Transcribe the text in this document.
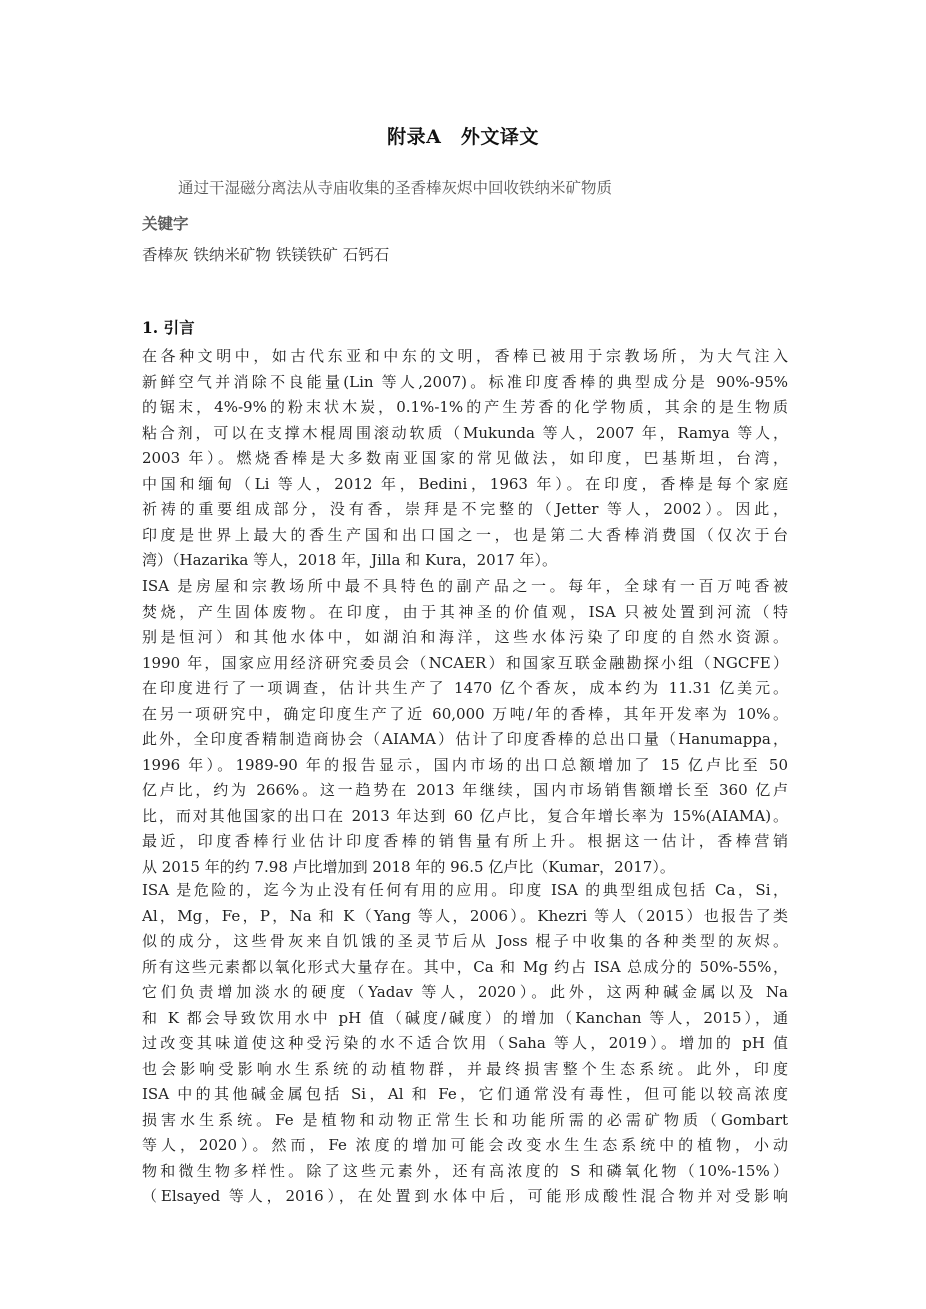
附录A　外文译文
通过干湿磁分离法从寺庙收集的圣香棒灰烬中回收铁纳米矿物质
关键字
香棒灰 铁纳米矿物 铁镁铁矿 石钙石
1. 引言
在各种文明中，如古代东亚和中东的文明，香棒已被用于宗教场所，为大气注入
新鲜空气并消除不良能量(Lin 等人,2007)。标准印度香棒的典型成分是 90%-95%
的锯末，4%-9%的粉末状木炭，0.1%-1%的产生芳香的化学物质，其余的是生物质
粘合剂，可以在支撑木棍周围滚动软质（Mukunda 等人，2007 年，Ramya 等人，
2003 年）。燃烧香棒是大多数南亚国家的常见做法，如印度，巴基斯坦，台湾，
中国和缅甸（Li 等人，2012 年，Bedini，1963 年）。在印度，香棒是每个家庭
祈祷的重要组成部分，没有香，崇拜是不完整的（Jetter 等人，2002）。因此，
印度是世界上最大的香生产国和出口国之一，也是第二大香棒消费国（仅次于台
湾）（Hazarika 等人，2018 年，Jilla 和 Kura，2017 年）。
ISA 是房屋和宗教场所中最不具特色的副产品之一。每年，全球有一百万吨香被
焚烧，产生固体废物。在印度，由于其神圣的价值观，ISA 只被处置到河流（特
别是恒河）和其他水体中，如湖泊和海洋，这些水体污染了印度的自然水资源。
1990 年，国家应用经济研究委员会（NCAER）和国家互联金融勘探小组（NGCFE）
在印度进行了一项调查，估计共生产了 1470 亿个香灰，成本约为 11.31 亿美元。
在另一项研究中，确定印度生产了近 60,000 万吨/年的香棒，其年开发率为 10%。
此外，全印度香精制造商协会（AIAMA）估计了印度香棒的总出口量（Hanumappa，
1996 年）。1989-90 年的报告显示，国内市场的出口总额增加了 15 亿卢比至 50
亿卢比，约为 266%。这一趋势在 2013 年继续，国内市场销售额增长至 360 亿卢
比，而对其他国家的出口在 2013 年达到 60 亿卢比，复合年增长率为 15%(AIAMA)。
最近，印度香棒行业估计印度香棒的销售量有所上升。根据这一估计，香棒营销
从 2015 年的约 7.98 卢比增加到 2018 年的 96.5 亿卢比（Kumar，2017）。
ISA 是危险的，迄今为止没有任何有用的应用。印度 ISA 的典型组成包括 Ca，Si，
Al，Mg，Fe，P，Na 和 K（Yang 等人，2006）。Khezri 等人（2015）也报告了类
似的成分，这些骨灰来自饥饿的圣灵节后从 Joss 棍子中收集的各种类型的灰烬。
所有这些元素都以氧化形式大量存在。其中，Ca 和 Mg 约占 ISA 总成分的 50%-55%，
它们负责增加淡水的硬度（Yadav 等人，2020）。此外，这两种碱金属以及 Na
和 K 都会导致饮用水中 pH 值（碱度/碱度）的增加（Kanchan 等人，2015），通
过改变其味道使这种受污染的水不适合饮用（Saha 等人，2019）。增加的 pH 值
也会影响受影响水生系统的动植物群，并最终损害整个生态系统。此外，印度
ISA 中的其他碱金属包括 Si，Al 和 Fe，它们通常没有毒性，但可能以较高浓度
损害水生系统。Fe 是植物和动物正常生长和功能所需的必需矿物质（Gombart
等人，2020）。然而，Fe 浓度的增加可能会改变水生生态系统中的植物，小动
物和微生物多样性。除了这些元素外，还有高浓度的 S 和磷氧化物（10%-15%）
（Elsayed 等人，2016），在处置到水体中后，可能形成酸性混合物并对受影响
